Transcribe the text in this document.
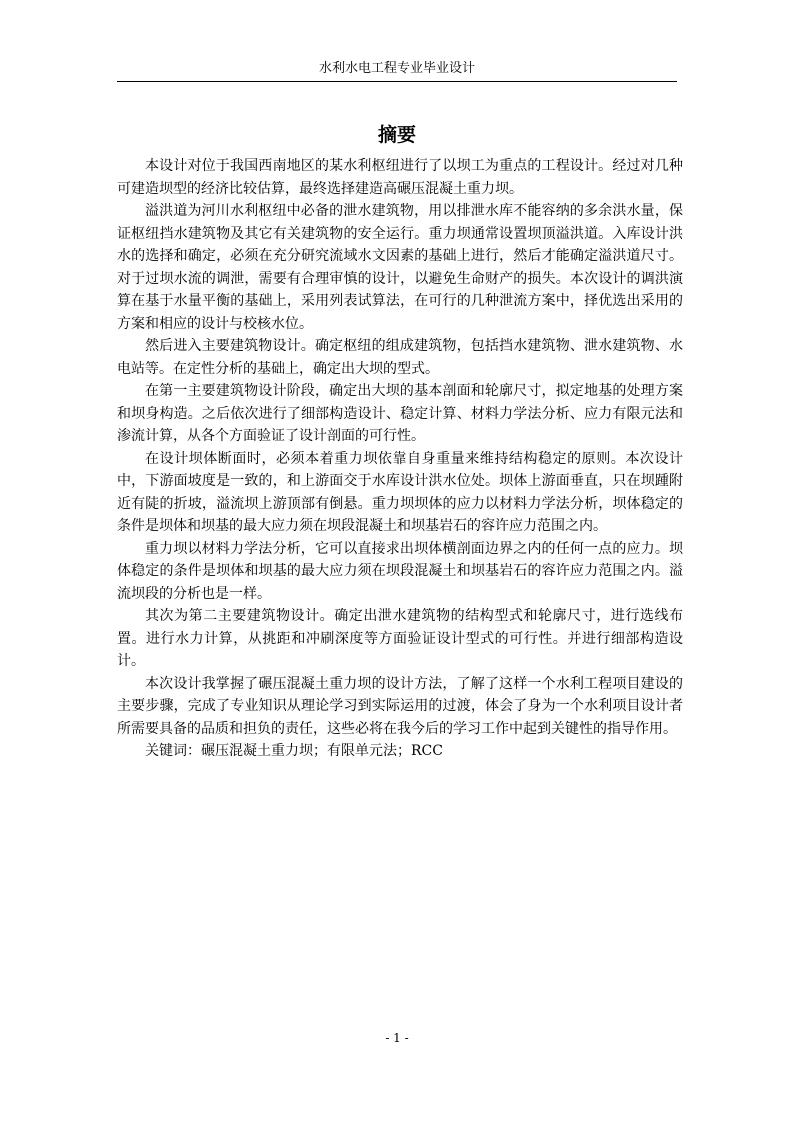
水利水电工程专业毕业设计
摘要

本设计对位于我国西南地区的某水利枢纽进行了以坝工为重点的工程设计。经过对几种可建造坝型的经济比较估算，最终选择建造高碾压混凝土重力坝。

溢洪道为河川水利枢纽中必备的泄水建筑物，用以排泄水库不能容纳的多余洪水量，保证枢纽挡水建筑物及其它有关建筑物的安全运行。重力坝通常设置坝顶溢洪道。入库设计洪水的选择和确定，必须在充分研究流域水文因素的基础上进行，然后才能确定溢洪道尺寸。对于过坝水流的调泄，需要有合理审慎的设计，以避免生命财产的损失。本次设计的调洪演算在基于水量平衡的基础上，采用列表试算法，在可行的几种泄流方案中，择优选出采用的方案和相应的设计与校核水位。

然后进入主要建筑物设计。确定枢纽的组成建筑物，包括挡水建筑物、泄水建筑物、水电站等。在定性分析的基础上，确定出大坝的型式。

在第一主要建筑物设计阶段，确定出大坝的基本剖面和轮廓尺寸，拟定地基的处理方案和坝身构造。之后依次进行了细部构造设计、稳定计算、材料力学法分析、应力有限元法和渗流计算，从各个方面验证了设计剖面的可行性。

在设计坝体断面时，必须本着重力坝依靠自身重量来维持结构稳定的原则。本次设计中，下游面坡度是一致的，和上游面交于水库设计洪水位处。坝体上游面垂直，只在坝踵附近有陡的折坡，溢流坝上游顶部有倒悬。重力坝坝体的应力以材料力学法分析，坝体稳定的条件是坝体和坝基的最大应力须在坝段混凝土和坝基岩石的容许应力范围之内。

重力坝以材料力学法分析，它可以直接求出坝体横剖面边界之内的任何一点的应力。坝体稳定的条件是坝体和坝基的最大应力须在坝段混凝土和坝基岩石的容许应力范围之内。溢流坝段的分析也是一样。

其次为第二主要建筑物设计。确定出泄水建筑物的结构型式和轮廓尺寸，进行选线布置。进行水力计算，从挑距和冲刷深度等方面验证设计型式的可行性。并进行细部构造设计。

本次设计我掌握了碾压混凝土重力坝的设计方法，了解了这样一个水利工程项目建设的主要步骤，完成了专业知识从理论学习到实际运用的过渡，体会了身为一个水利项目设计者所需要具备的品质和担负的责任，这些必将在我今后的学习工作中起到关键性的指导作用。

关键词：碾压混凝土重力坝；有限单元法；RCC

- 1 -
